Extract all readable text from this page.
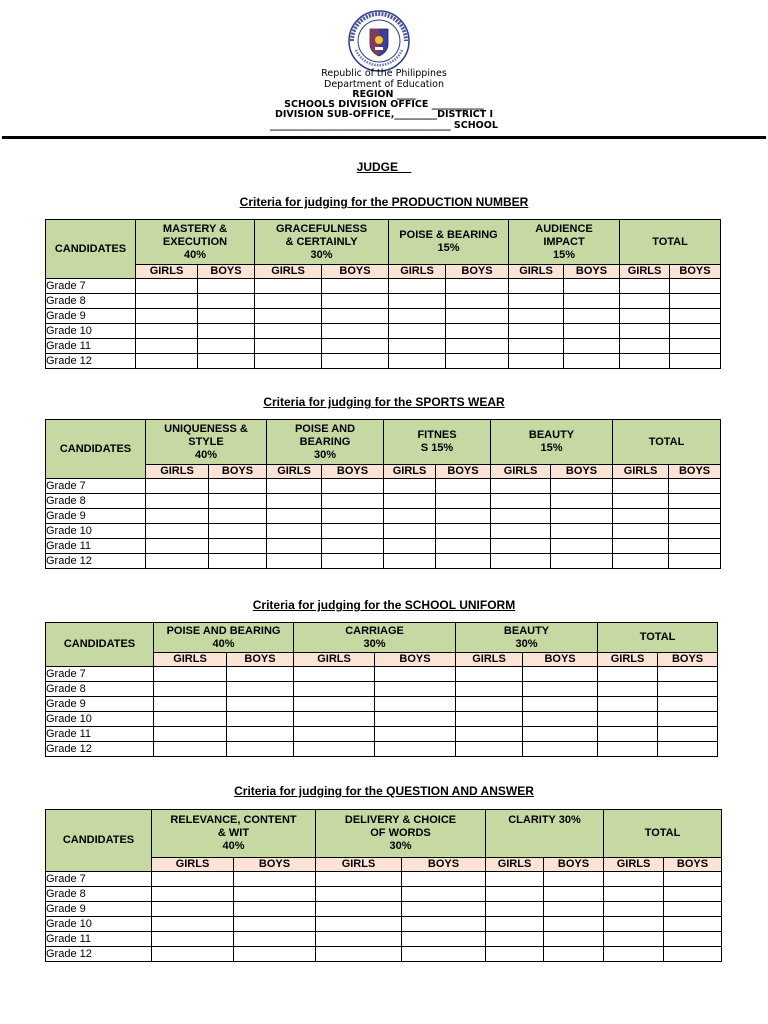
Republic of the Philippines
Department of Education
REGION ____
SCHOOLS DIVISION OFFICE ___________
DIVISION SUB-OFFICE,_________DISTRICT I
______________________________________ SCHOOL
JUDGE__
Criteria for judging for the PRODUCTION NUMBER
CANDIDATES	MASTERY &
EXECUTION
40%		GRACEFULNESS
& CERTAINLY
30%		POISE & BEARING
15%		AUDIENCE
IMPACT
15%		TOTAL	
	GIRLS	BOYS	GIRLS	BOYS	GIRLS	BOYS	GIRLS	BOYS	GIRLS	BOYS
Grade 7										
Grade 8										
Grade 9										
Grade 10										
Grade 11										
Grade 12										
Criteria for judging for the SPORTS WEAR
CANDIDATES	UNIQUENESS &
STYLE
40%		POISE AND
BEARING
30%		FITNES
S 15%		BEAUTY
15%		TOTAL	
	GIRLS	BOYS	GIRLS	BOYS	GIRLS	BOYS	GIRLS	BOYS	GIRLS	BOYS
Grade 7										
Grade 8										
Grade 9										
Grade 10										
Grade 11										
Grade 12										
Criteria for judging for the SCHOOL UNIFORM
CANDIDATES	POISE AND BEARING
40%		CARRIAGE
30%		BEAUTY
30%		TOTAL	
	GIRLS	BOYS	GIRLS	BOYS	GIRLS	BOYS	GIRLS	BOYS
Grade 7								
Grade 8								
Grade 9								
Grade 10								
Grade 11								
Grade 12								
Criteria for judging for the QUESTION AND ANSWER
CANDIDATES	RELEVANCE, CONTENT
& WIT
40%		DELIVERY & CHOICE
OF WORDS
30%		CLARITY 30%		TOTAL	
	GIRLS	BOYS	GIRLS	BOYS	GIRLS	BOYS	GIRLS	BOYS
Grade 7								
Grade 8								
Grade 9								
Grade 10								
Grade 11								
Grade 12								
